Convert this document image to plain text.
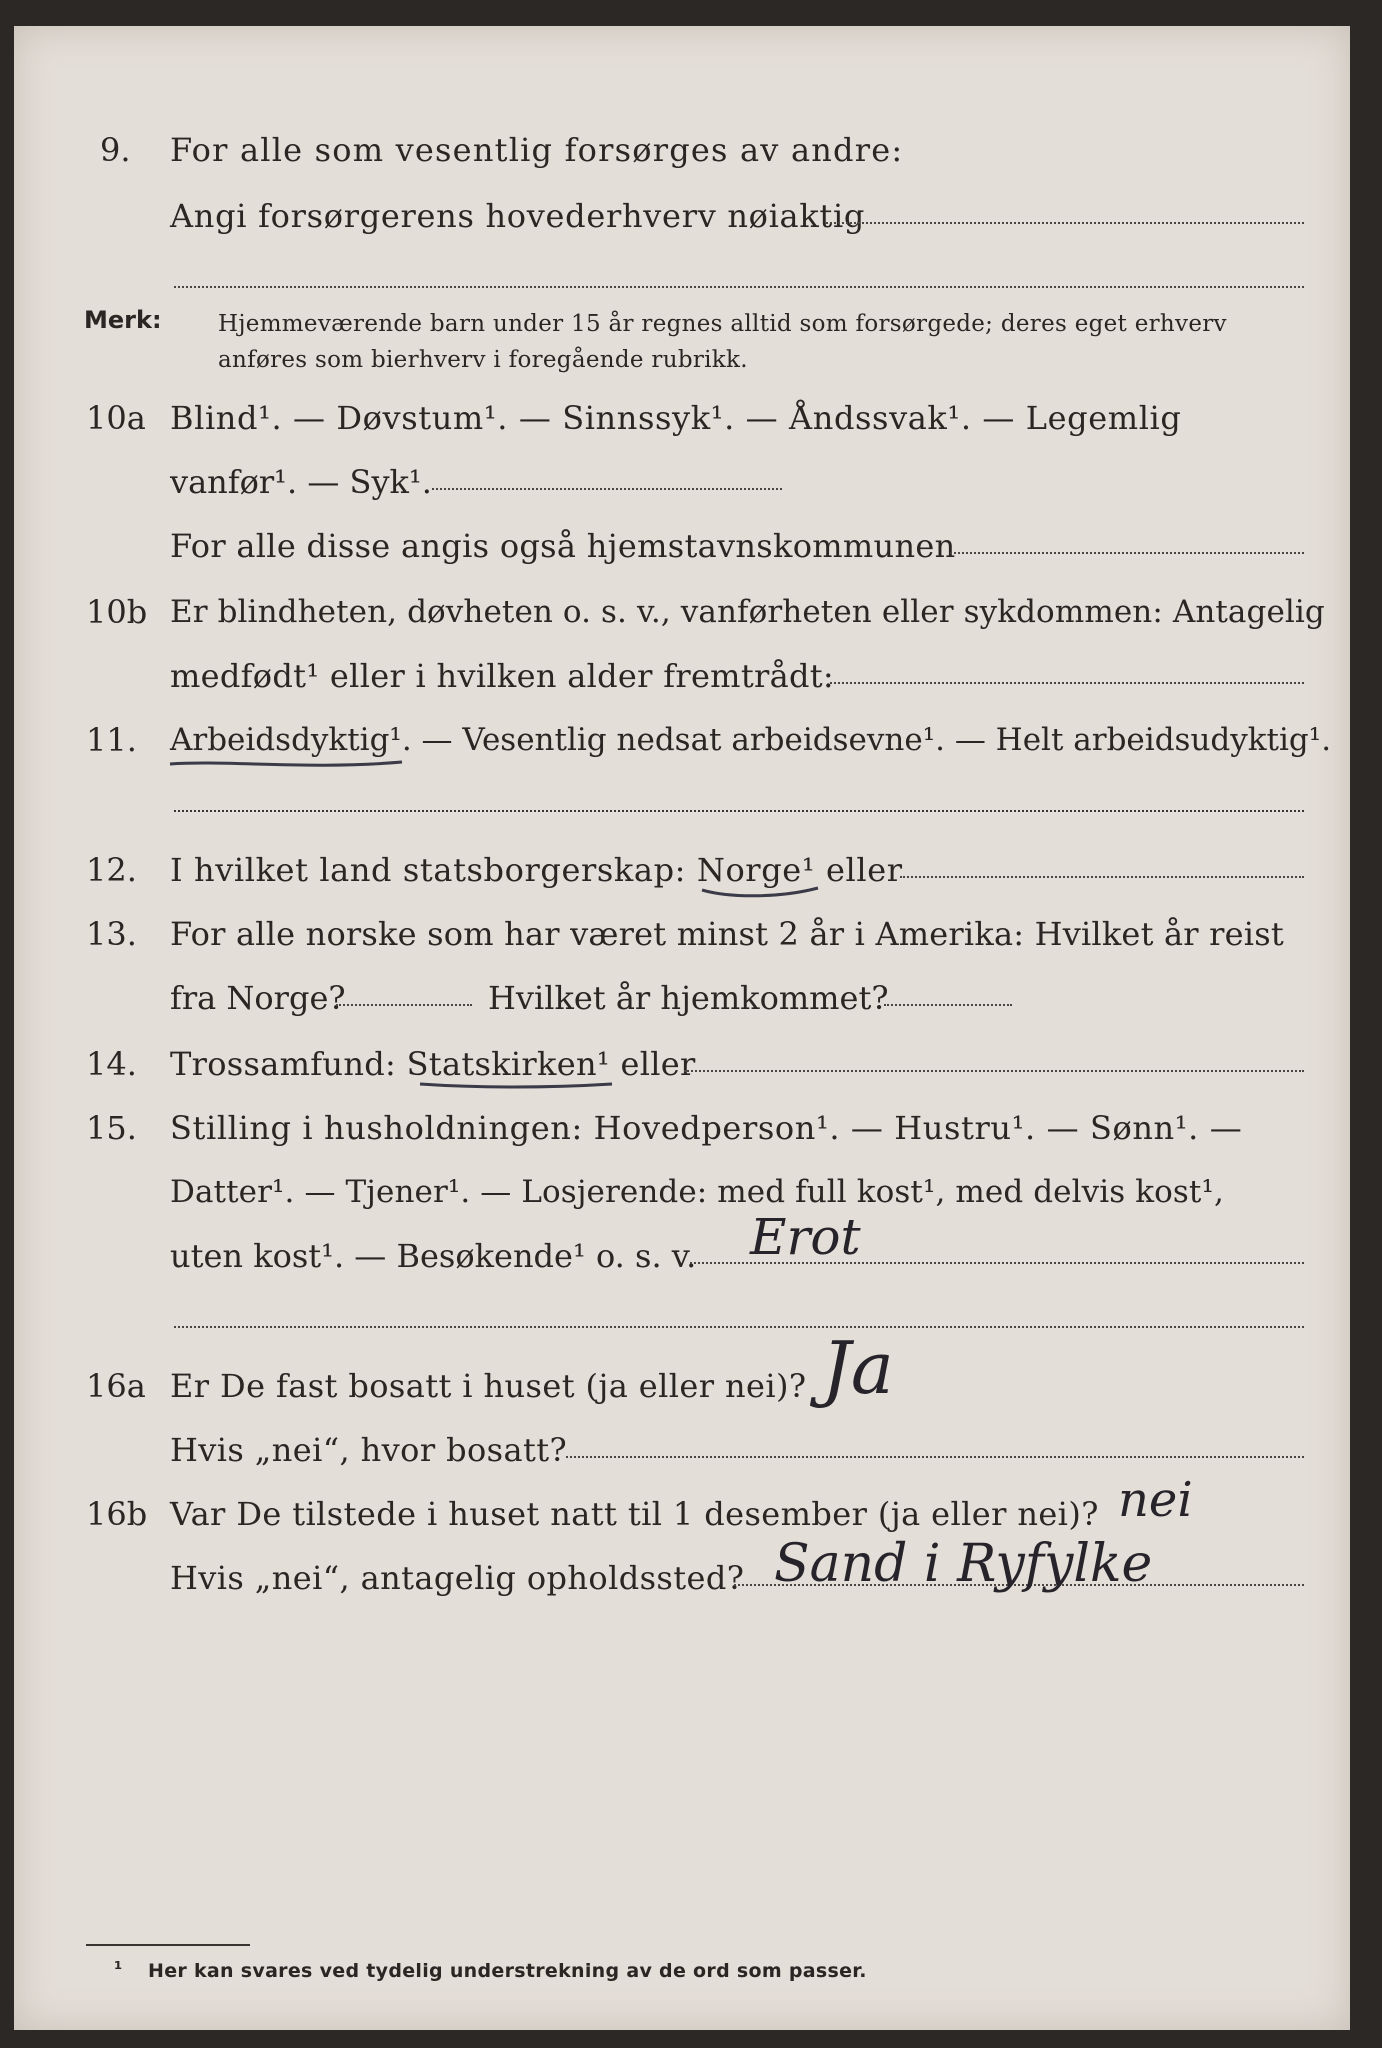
9. For alle som vesentlig forsørges av andre:
Angi forsørgerens hovederhverv nøiaktig
Merk: Hjemmeværende barn under 15 år regnes alltid som forsørgede; deres eget erhverv
anføres som bierhverv i foregående rubrikk.
10a Blind¹. — Døvstum¹. — Sinnssyk¹. — Åndssvak¹. — Legemlig
vanfør¹. — Syk¹.
For alle disse angis også hjemstavnskommunen
10b Er blindheten, døvheten o. s. v., vanførheten eller sykdommen: Antagelig
medfødt¹ eller i hvilken alder fremtrådt:
11. Arbeidsdyktig¹. — Vesentlig nedsat arbeidsevne¹. — Helt arbeidsudyktig¹.
12. I hvilket land statsborgerskap: Norge¹ eller
13. For alle norske som har været minst 2 år i Amerika: Hvilket år reist
fra Norge?	Hvilket år hjemkommet?
14. Trossamfund: Statskirken¹ eller
15. Stilling i husholdningen: Hovedperson¹. — Hustru¹. — Sønn¹. —
Datter¹. — Tjener¹. — Losjerende: med full kost¹, med delvis kost¹,
uten kost¹. — Besøkende¹ o. s. v. Erot
16a Er De fast bosatt i huset (ja eller nei)? Ja
Hvis „nei“, hvor bosatt?
16b Var De tilstede i huset natt til 1 desember (ja eller nei)? nei
Hvis „nei“, antagelig opholdssted? Sand i Ryfylke
¹ Her kan svares ved tydelig understrekning av de ord som passer.
